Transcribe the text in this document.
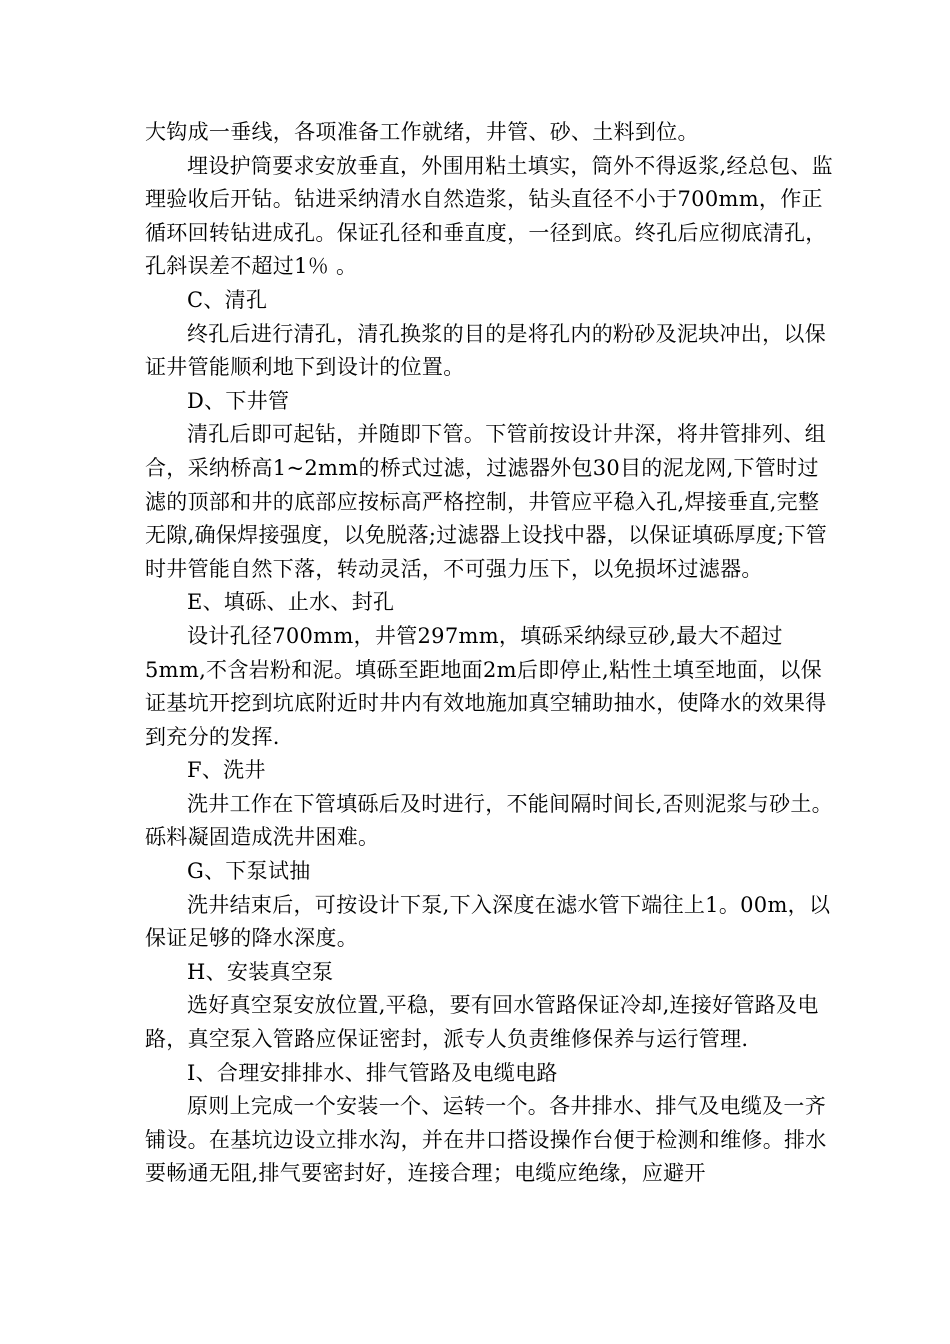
大钩成一垂线，各项准备工作就绪，井管、砂、土料到位。

埋设护筒要求安放垂直，外围用粘土填实，筒外不得返浆,经总包、监理验收后开钻。钻进采纳清水自然造浆，钻头直径不小于700mm，作正循环回转钻进成孔。保证孔径和垂直度，一径到底。终孔后应彻底清孔，孔斜误差不超过1％ 。

C、清孔

终孔后进行清孔，清孔换浆的目的是将孔内的粉砂及泥块冲出，以保证井管能顺利地下到设计的位置。

D、下井管

清孔后即可起钻，并随即下管。下管前按设计井深，将井管排列、组合，采纳桥高1~2mm的桥式过滤，过滤器外包30目的泥龙网,下管时过滤的顶部和井的底部应按标高严格控制，井管应平稳入孔,焊接垂直,完整无隙,确保焊接强度，以免脱落;过滤器上设找中器，以保证填砾厚度;下管时井管能自然下落，转动灵活，不可强力压下，以免损坏过滤器。

E、填砾、止水、封孔

设计孔径700mm，井管297mm，填砾采纳绿豆砂,最大不超过5mm,不含岩粉和泥。填砾至距地面2m后即停止,粘性土填至地面，以保证基坑开挖到坑底附近时井内有效地施加真空辅助抽水，使降水的效果得到充分的发挥.

F、洗井

洗井工作在下管填砾后及时进行，不能间隔时间长,否则泥浆与砂土。砾料凝固造成洗井困难。

G、下泵试抽

洗井结束后，可按设计下泵,下入深度在滤水管下端往上1。00m，以保证足够的降水深度。

H、安装真空泵

选好真空泵安放位置,平稳，要有回水管路保证冷却,连接好管路及电路，真空泵入管路应保证密封，派专人负责维修保养与运行管理.

I、合理安排排水、排气管路及电缆电路

原则上完成一个安装一个、运转一个。各井排水、排气及电缆及一齐铺设。在基坑边设立排水沟，并在井口搭设操作台便于检测和维修。排水要畅通无阻,排气要密封好，连接合理；电缆应绝缘，应避开
